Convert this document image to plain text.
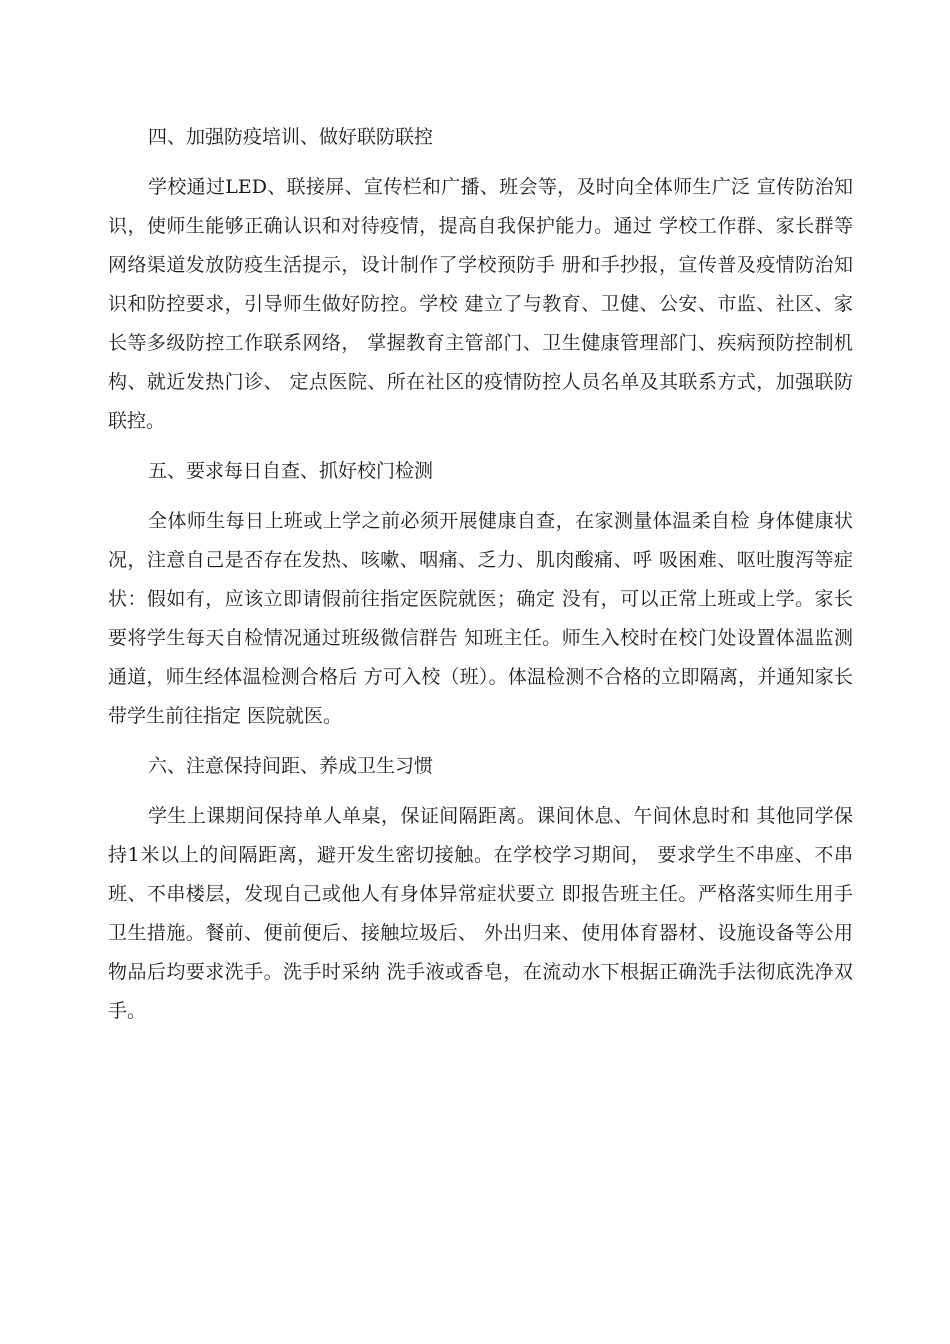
四、加强防疫培训、做好联防联控

学校通过LED、联接屏、宣传栏和广播、班会等，及时向全体师生广泛 宣传防治知识，使师生能够正确认识和对待疫情，提高自我保护能力。通过 学校工作群、家长群等网络渠道发放防疫生活提示，设计制作了学校预防手 册和手抄报，宣传普及疫情防治知识和防控要求，引导师生做好防控。学校 建立了与教育、卫健、公安、市监、社区、家长等多级防控工作联系网络， 掌握教育主管部门、卫生健康管理部门、疾病预防控制机构、就近发热门诊、 定点医院、所在社区的疫情防控人员名单及其联系方式，加强联防联控。

五、要求每日自查、抓好校门检测

全体师生每日上班或上学之前必须开展健康自查，在家测量体温柔自检 身体健康状况，注意自己是否存在发热、咳嗽、咽痛、乏力、肌肉酸痛、呼 吸困难、呕吐腹泻等症状：假如有，应该立即请假前往指定医院就医；确定 没有，可以正常上班或上学。家长要将学生每天自检情况通过班级微信群告 知班主任。师生入校时在校门处设置体温监测通道，师生经体温检测合格后 方可入校（班）。体温检测不合格的立即隔离，并通知家长带学生前往指定 医院就医。

六、注意保持间距、养成卫生习惯

学生上课期间保持单人单桌，保证间隔距离。课间休息、午间休息时和 其他同学保持1米以上的间隔距离，避开发生密切接触。在学校学习期间， 要求学生不串座、不串班、不串楼层，发现自己或他人有身体异常症状要立 即报告班主任。严格落实师生用手卫生措施。餐前、便前便后、接触垃圾后、 外出归来、使用体育器材、设施设备等公用物品后均要求洗手。洗手时采纳 洗手液或香皂，在流动水下根据正确洗手法彻底洗净双手。
